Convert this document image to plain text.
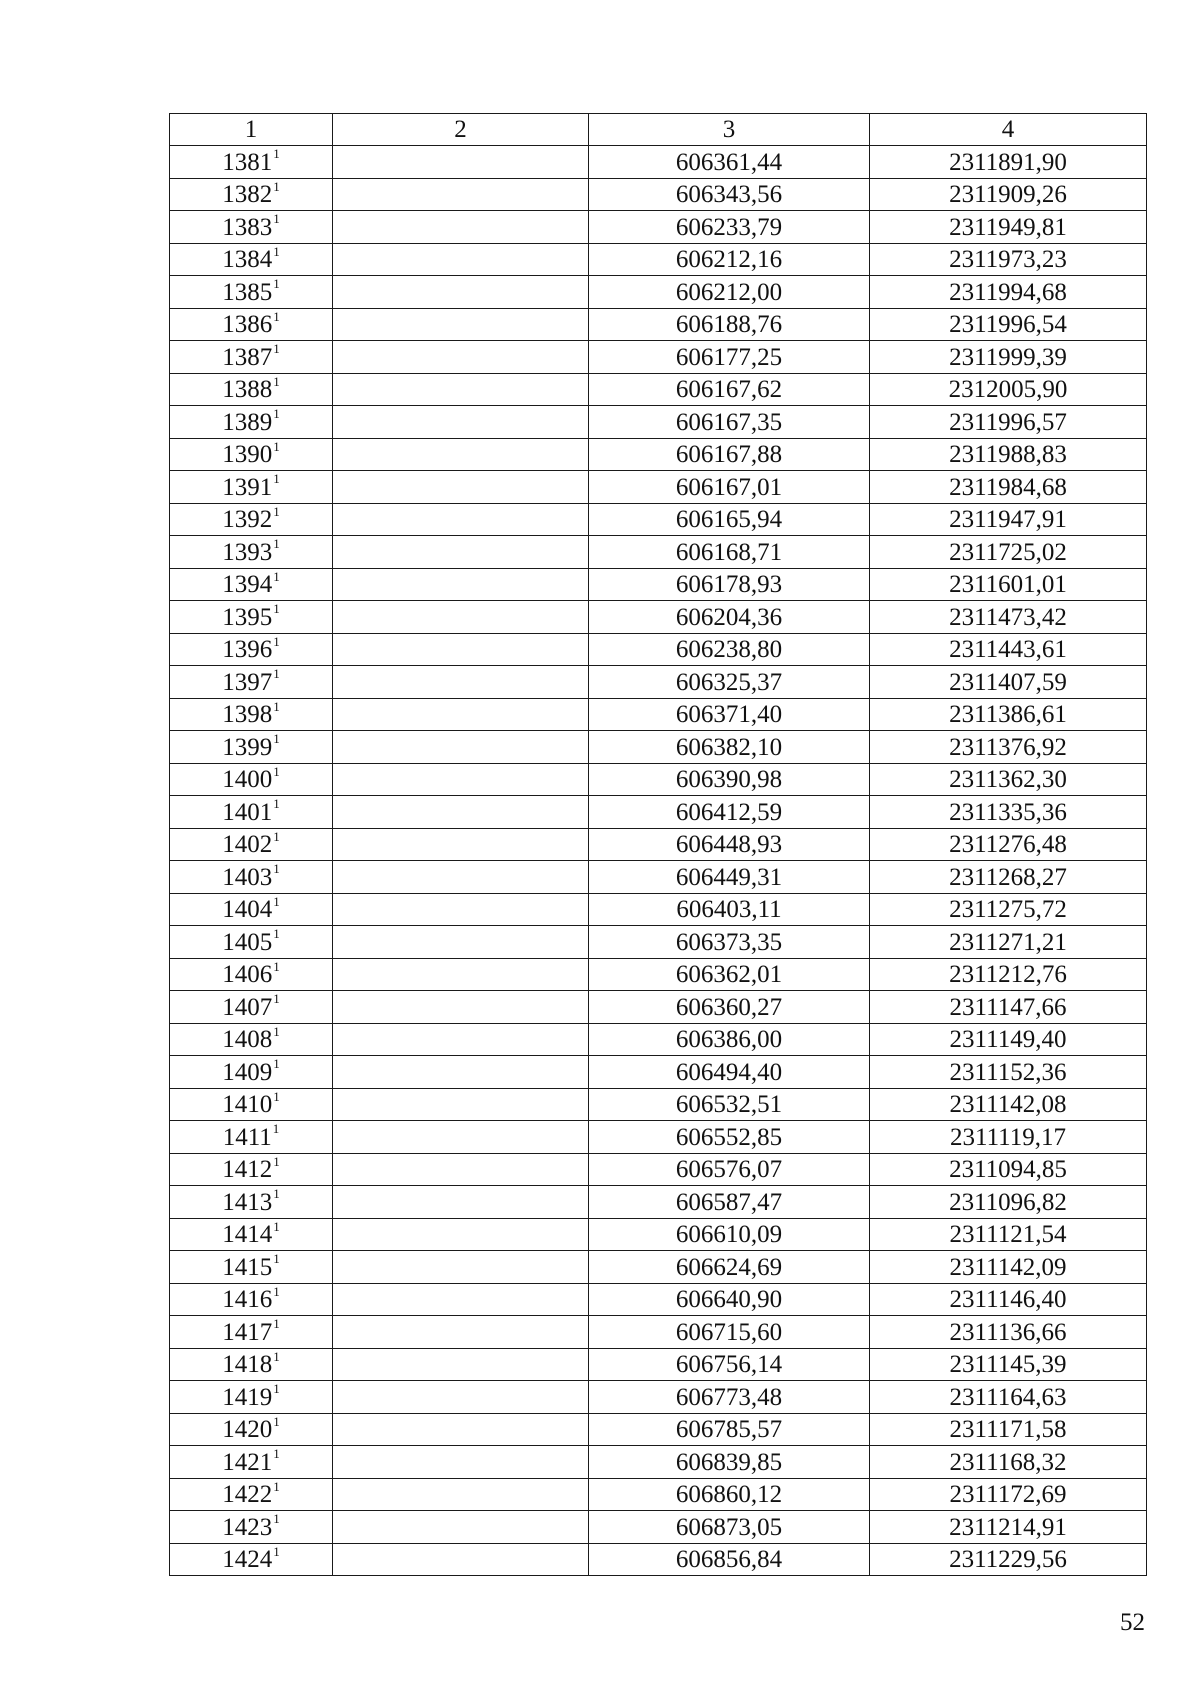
1	2	3	4
1381$^1$		606361,44	2311891,90
1382$^1$		606343,56	2311909,26
1383$^1$		606233,79	2311949,81
1384$^1$		606212,16	2311973,23
1385$^1$		606212,00	2311994,68
1386$^1$		606188,76	2311996,54
1387$^1$		606177,25	2311999,39
1388$^1$		606167,62	2312005,90
1389$^1$		606167,35	2311996,57
1390$^1$		606167,88	2311988,83
1391$^1$		606167,01	2311984,68
1392$^1$		606165,94	2311947,91
1393$^1$		606168,71	2311725,02
1394$^1$		606178,93	2311601,01
1395$^1$		606204,36	2311473,42
1396$^1$		606238,80	2311443,61
1397$^1$		606325,37	2311407,59
1398$^1$		606371,40	2311386,61
1399$^1$		606382,10	2311376,92
1400$^1$		606390,98	2311362,30
1401$^1$		606412,59	2311335,36
1402$^1$		606448,93	2311276,48
1403$^1$		606449,31	2311268,27
1404$^1$		606403,11	2311275,72
1405$^1$		606373,35	2311271,21
1406$^1$		606362,01	2311212,76
1407$^1$		606360,27	2311147,66
1408$^1$		606386,00	2311149,40
1409$^1$		606494,40	2311152,36
1410$^1$		606532,51	2311142,08
1411$^1$		606552,85	2311119,17
1412$^1$		606576,07	2311094,85
1413$^1$		606587,47	2311096,82
1414$^1$		606610,09	2311121,54
1415$^1$		606624,69	2311142,09
1416$^1$		606640,90	2311146,40
1417$^1$		606715,60	2311136,66
1418$^1$		606756,14	2311145,39
1419$^1$		606773,48	2311164,63
1420$^1$		606785,57	2311171,58
1421$^1$		606839,85	2311168,32
1422$^1$		606860,12	2311172,69
1423$^1$		606873,05	2311214,91
1424$^1$		606856,84	2311229,56
52
